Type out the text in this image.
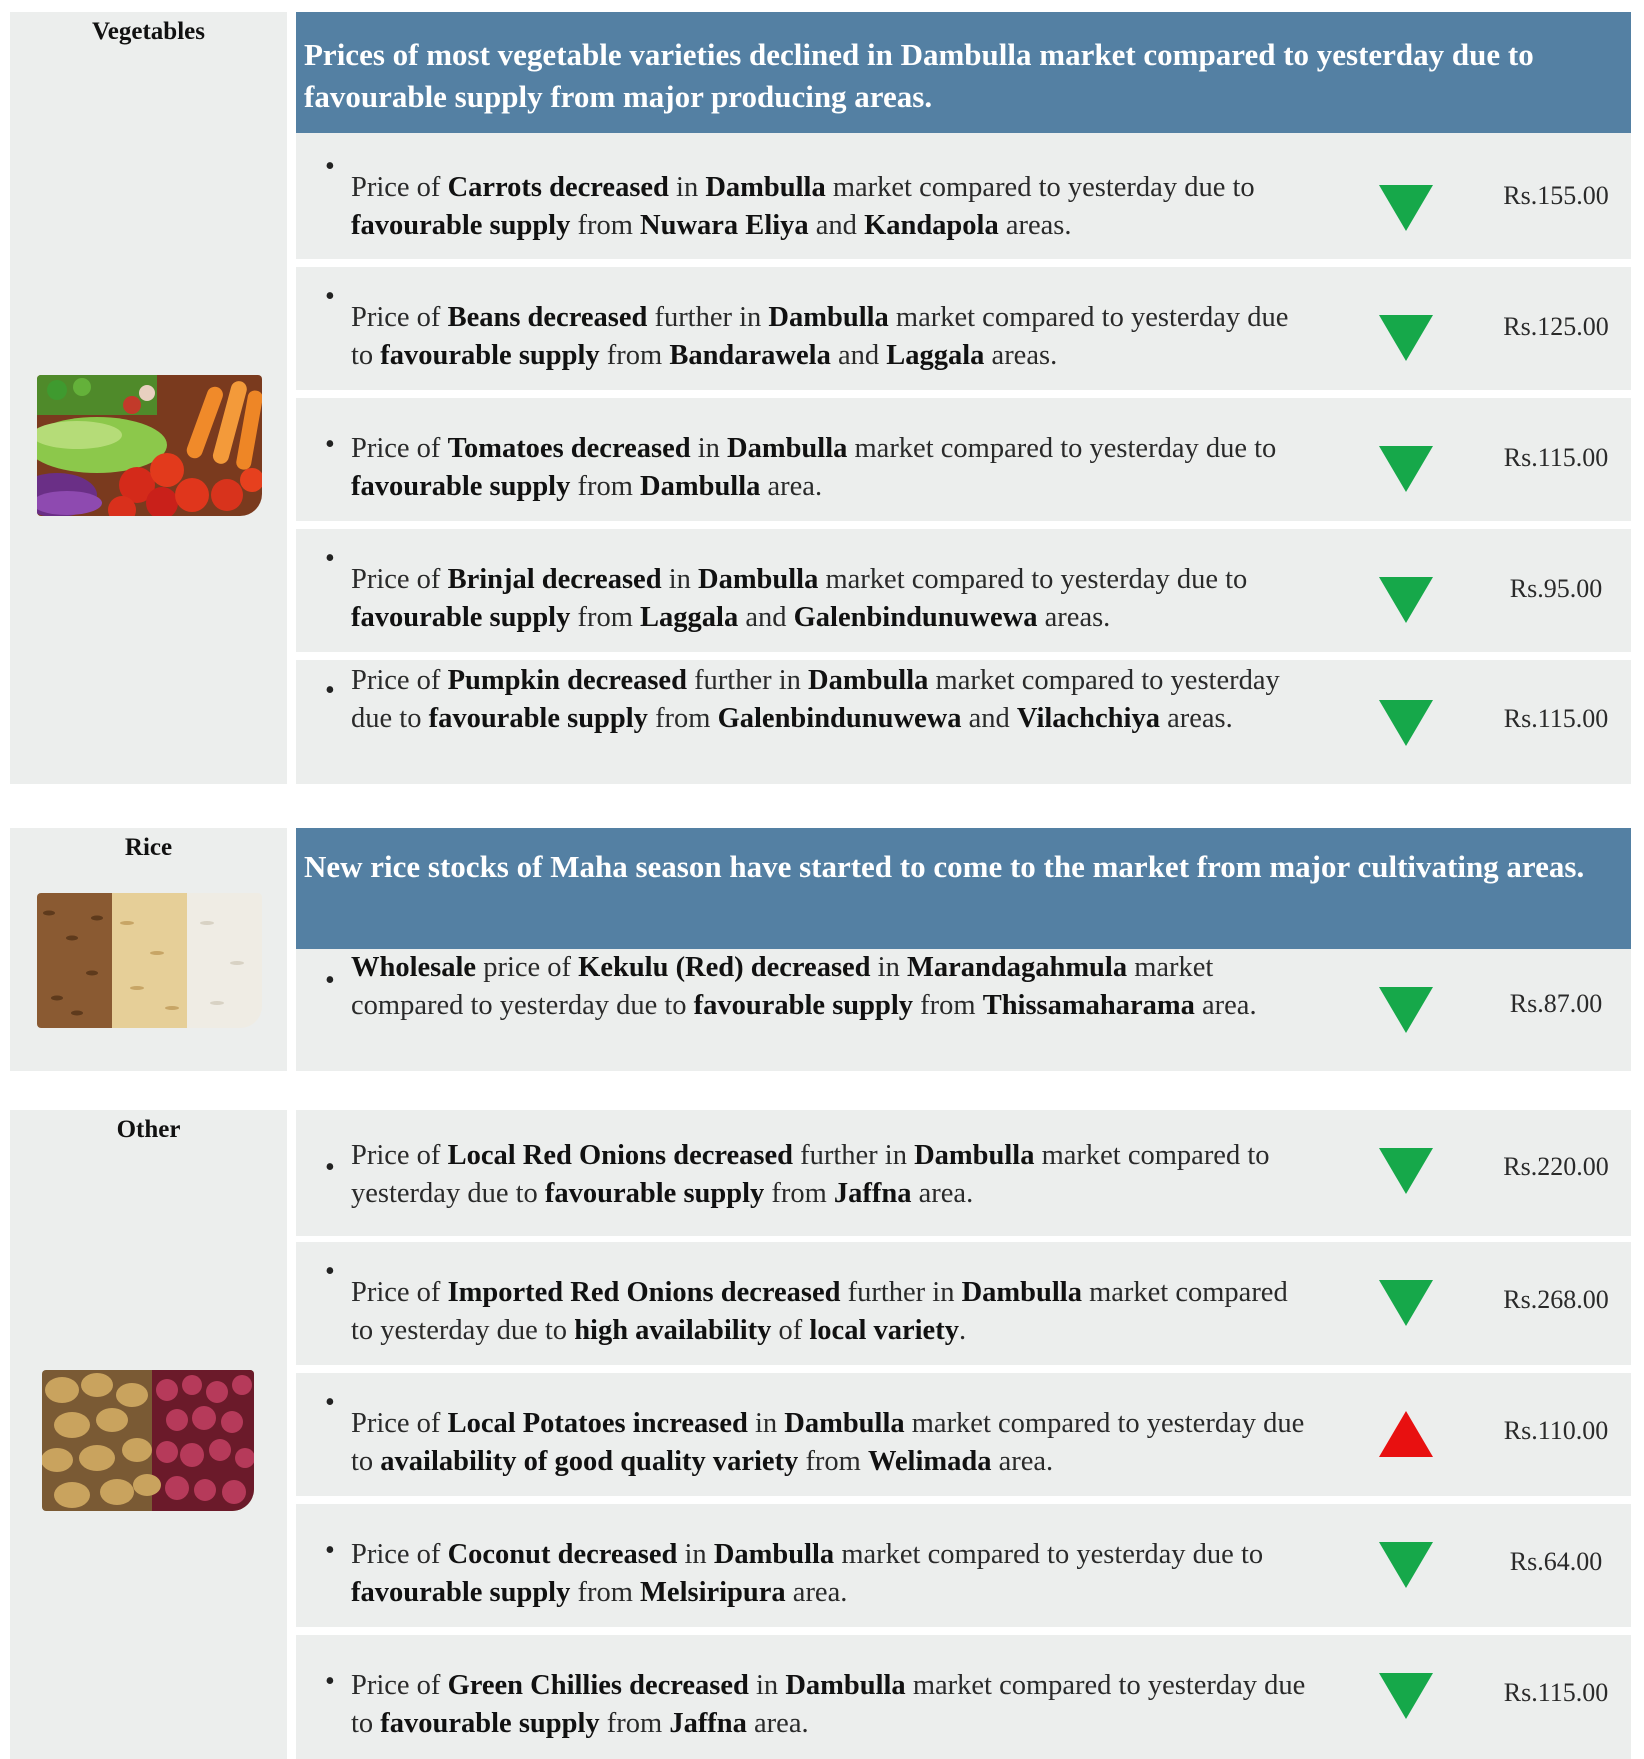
Vegetables
Prices of most vegetable varieties declined in Dambulla market compared to yesterday due to favourable supply from major producing areas.
•
Price of Carrots decreased in Dambulla market compared to yesterday due to favourable supply from Nuwara Eliya and Kandapola areas.
Rs.155.00
•
Price of Beans decreased further in Dambulla market compared to yesterday due to favourable supply from Bandarawela and Laggala areas.
Rs.125.00
• Price of Tomatoes decreased in Dambulla market compared to yesterday due to favourable supply from Dambulla area.
Rs.115.00
•
Price of Brinjal decreased in Dambulla market compared to yesterday due to favourable supply from Laggala and Galenbindunuwewa areas.
Rs.95.00
• Price of Pumpkin decreased further in Dambulla market compared to yesterday due to favourable supply from Galenbindunuwewa and Vilachchiya areas.	Rs.115.00
Rice
New rice stocks of Maha season have started to come to the market from major cultivating areas.
• Wholesale price of Kekulu (Red) decreased in Marandagahmula market compared to yesterday due to favourable supply from Thissamaharama area.	Rs.87.00
Other
• Price of Local Red Onions decreased further in Dambulla market compared to yesterday due to favourable supply from Jaffna area.
Rs.220.00
•
Price of Imported Red Onions decreased further in Dambulla market compared to yesterday due to high availability of local variety.
Rs.268.00
•
Price of Local Potatoes increased in Dambulla market compared to yesterday due to availability of good quality variety from Welimada area.
Rs.110.00
• Price of Coconut decreased in Dambulla market compared to yesterday due to favourable supply from Melsiripura area.
Rs.64.00
• Price of Green Chillies decreased in Dambulla market compared to yesterday due to favourable supply from Jaffna area.
Rs.115.00
